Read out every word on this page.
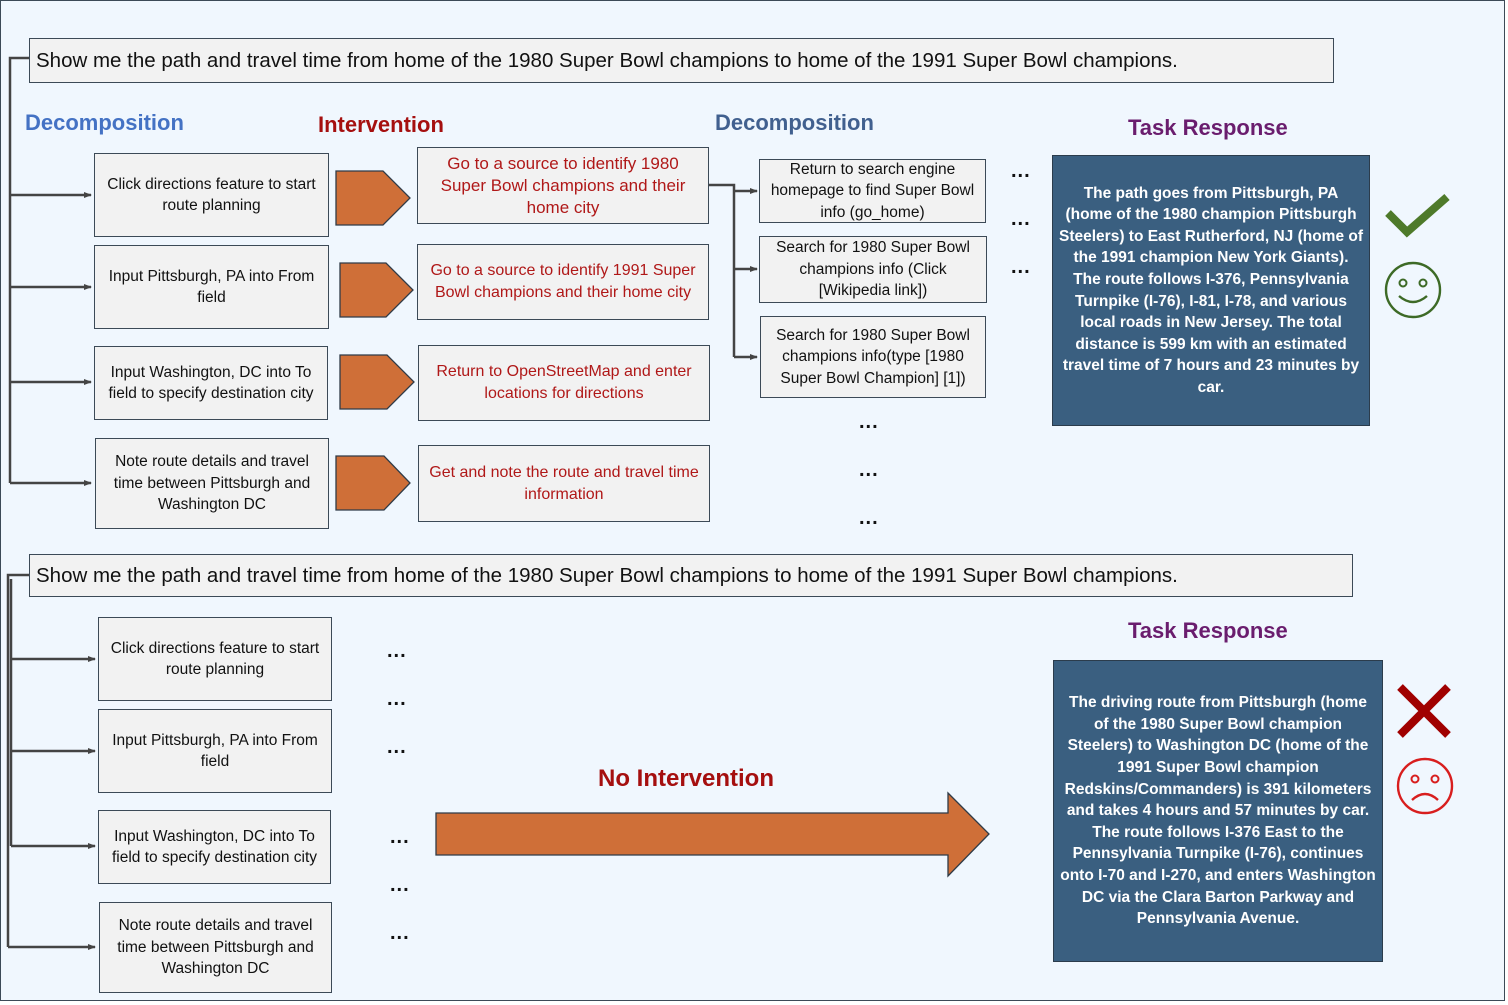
Show me the path and travel time from home of the 1980 Super Bowl champions to home of the 1991 Super Bowl champions.
Decomposition	Intervention	Decomposition	Task Response
Click directions feature to start route planning
Input Pittsburgh, PA into From field
Input Washington, DC into To field to specify destination city
Note route details and travel time between Pittsburgh and Washington DC
Go to a source to identify 1980 Super Bowl champions and their home city
Go to a source to identify 1991 Super Bowl champions and their home city
Return to OpenStreetMap and enter locations for directions
Get and note the route and travel time information
Return to search engine homepage to find Super Bowl info (go_home)
Search for 1980 Super Bowl champions info (Click [Wikipedia link])
Search for 1980 Super Bowl champions info(type [1980 Super Bowl Champion] [1])
...
...
...
...
...
...
The path goes from Pittsburgh, PA (home of the 1980 champion Pittsburgh Steelers) to East Rutherford, NJ (home of the 1991 champion New York Giants). The route follows I-376, Pennsylvania Turnpike (I-76), I-81, I-78, and various local roads in New Jersey. The total distance is 599 km with an estimated travel time of 7 hours and 23 minutes by car.
Show me the path and travel time from home of the 1980 Super Bowl champions to home of the 1991 Super Bowl champions.
Task Response
Click directions feature to start route planning
Input Pittsburgh, PA into From field
Input Washington, DC into To field to specify destination city
Note route details and travel time between Pittsburgh and Washington DC
...
...
...
...
...
...
No Intervention
The driving route from Pittsburgh (home of the 1980 Super Bowl champion Steelers) to Washington DC (home of the 1991 Super Bowl champion Redskins/Commanders) is 391 kilometers and takes 4 hours and 57 minutes by car. The route follows I-376 East to the Pennsylvania Turnpike (I-76), continues onto I-70 and I-270, and enters Washington DC via the Clara Barton Parkway and Pennsylvania Avenue.
